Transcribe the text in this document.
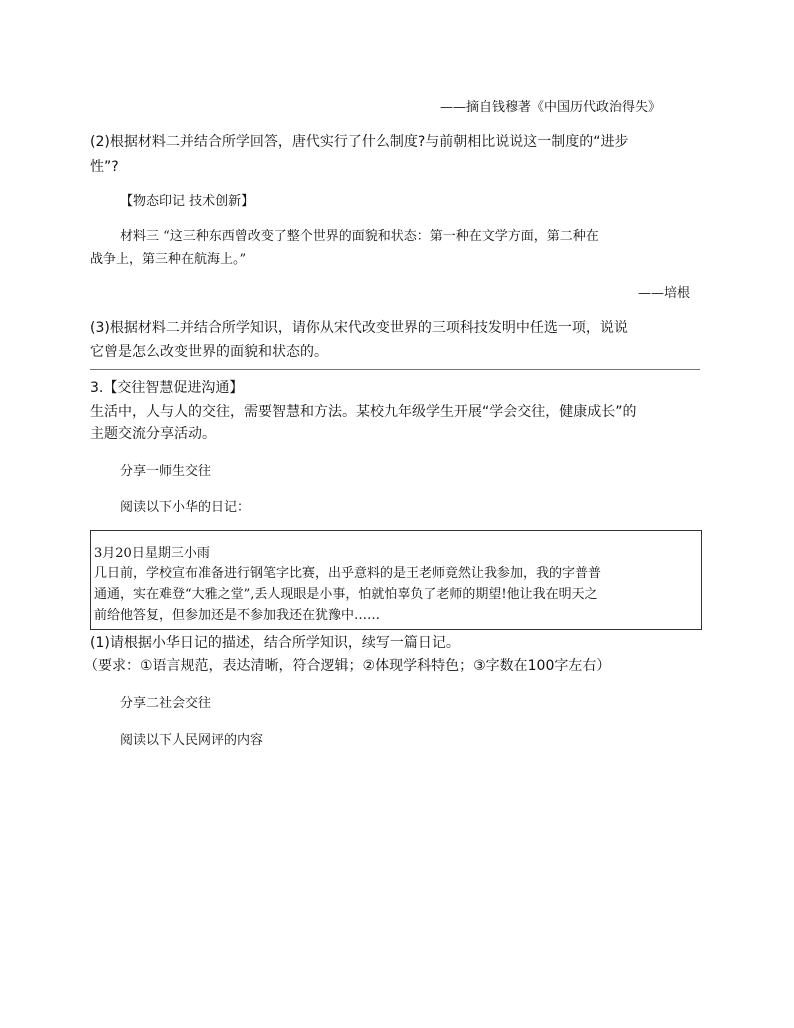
——摘自钱穆著《中国历代政治得失》

(2)根据材料二并结合所学回答，唐代实行了什么制度?与前朝相比说说这一制度的“进步

性”?

【物态印记 技术创新】

材料三 “这三种东西曾改变了整个世界的面貌和状态：第一种在文学方面，第二种在

战争上，第三种在航海上。”

——培根

(3)根据材料二并结合所学知识，请你从宋代改变世界的三项科技发明中任选一项，说说

它曾是怎么改变世界的面貌和状态的。

3.【交往智慧促进沟通】

生活中，人与人的交往，需要智慧和方法。某校九年级学生开展“学会交往，健康成长”的

主题交流分享活动。

分享一师生交往

阅读以下小华的日记：

3月20日星期三小雨

几日前，学校宣布准备进行钢笔字比赛，出乎意料的是王老师竟然让我参加，我的字普普

通通，实在难登“大雅之堂”,丢人现眼是小事，怕就怕辜负了老师的期望!他让我在明天之

前给他答复，但参加还是不参加我还在犹豫中……

(1)请根据小华日记的描述，结合所学知识，续写一篇日记。

（要求：①语言规范，表达清晰，符合逻辑；②体现学科特色；③字数在100字左右）

分享二社会交往

阅读以下人民网评的内容
